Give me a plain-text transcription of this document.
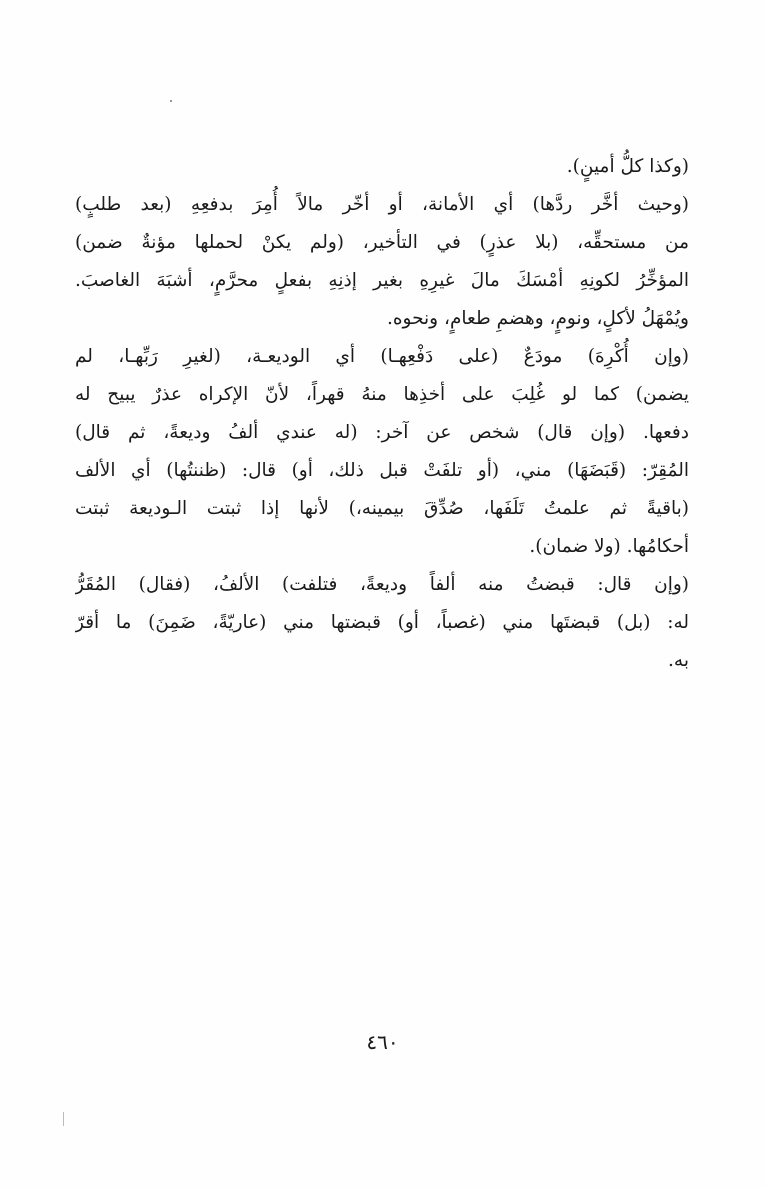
(وكذا كلُّ أمينٍ).
(وحيث أخَّر ردَّها) أي الأمانة، أو أخّر مالاً أُمِرَ بدفعِهِ (بعد طلبٍ)
من مستحقِّه، (بلا عذرٍ) في التأخير، (ولم يكنْ لحملها مؤنةٌ ضمن)
المؤخِّرُ لكونِهِ أمْسَكَ مالَ غيرِهِ بغير إذنِهِ بفعلٍ محرَّمٍ، أشبَهَ الغاصبَ.
ويُمْهَلُ لأكلٍ، ونومٍ، وهضمِ طعامٍ، ونحوه.
(وإن أُكْرِهَ) مودَعٌ (على دَفْعِهـا) أي الوديعـة، (لغيرِ رَبِّهـا، لم
يضمن) كما لو غُلِبَ على أخذِها منهُ قهراً، لأنّ الإكراه عذرٌ يبيح له
دفعها. (وإن قال) شخص عن آخر: (له عندي ألفُ وديعةً، ثم قال)
المُقِرّ: (قَبَضَهَا) مني، (أو تلفَتْ قبل ذلك، أو) قال: (ظننتُها) أي الألف
(باقيةً ثم علمتُ تَلَفَها، صُدِّقَ بيمينه،) لأنها إذا ثبتت الـوديعة ثبتت
أحكامُها. (ولا ضمان).
(وإن قال: قبضتُ منه ألفاً وديعةً، فتلفت) الألفُ، (فقال) المُقَرُّ
له: (بل) قبضتَها مني (غصباً، أو) قبضتها مني (عاريّةً، ضَمِنَ) ما أقرّ
به.
٤٦٠
